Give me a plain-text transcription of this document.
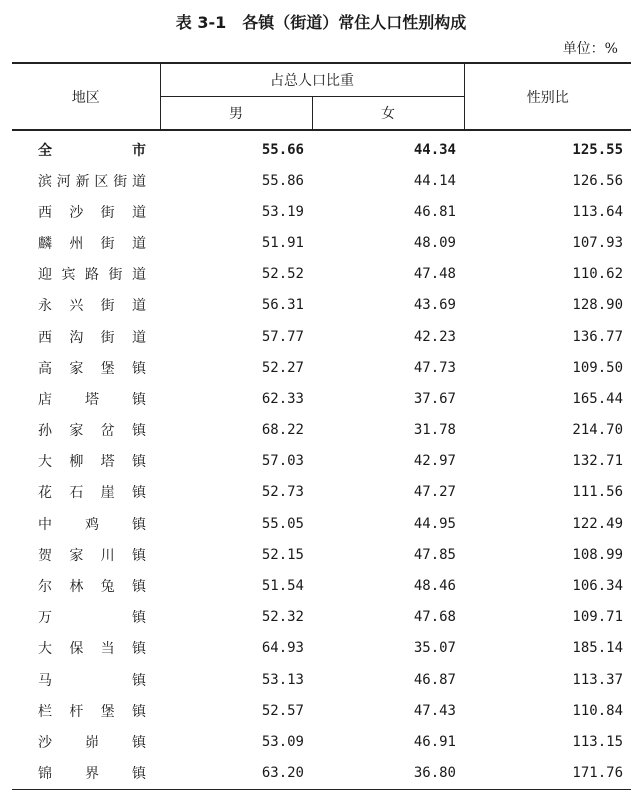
表 3-1　各镇（街道）常住人口性别构成
单位：%
地区	占总人口比重		性别比
	男	女	

全　　市	55.66	44.34	125.55

滨河新区街道	55.86	44.14	126.56

西沙街道	53.19	46.81	113.64

麟州街道	51.91	48.09	107.93

迎宾路街道	52.52	47.48	110.62

永兴街道	56.31	43.69	128.90

西沟街道	57.77	42.23	136.77

高家堡镇	52.27	47.73	109.50

店塔镇	62.33	37.67	165.44

孙家岔镇	68.22	31.78	214.70

大柳塔镇	57.03	42.97	132.71

花石崖镇	52.73	47.27	111.56

中鸡镇	55.05	44.95	122.49

贺家川镇	52.15	47.85	108.99

尔林兔镇	51.54	48.46	106.34

万镇	52.32	47.68	109.71

大保当镇	64.93	35.07	185.14

马镇	53.13	46.87	113.37

栏杆堡镇	52.57	47.43	110.84

沙峁镇	53.09	46.91	113.15

锦界镇	63.20	36.80	171.76
